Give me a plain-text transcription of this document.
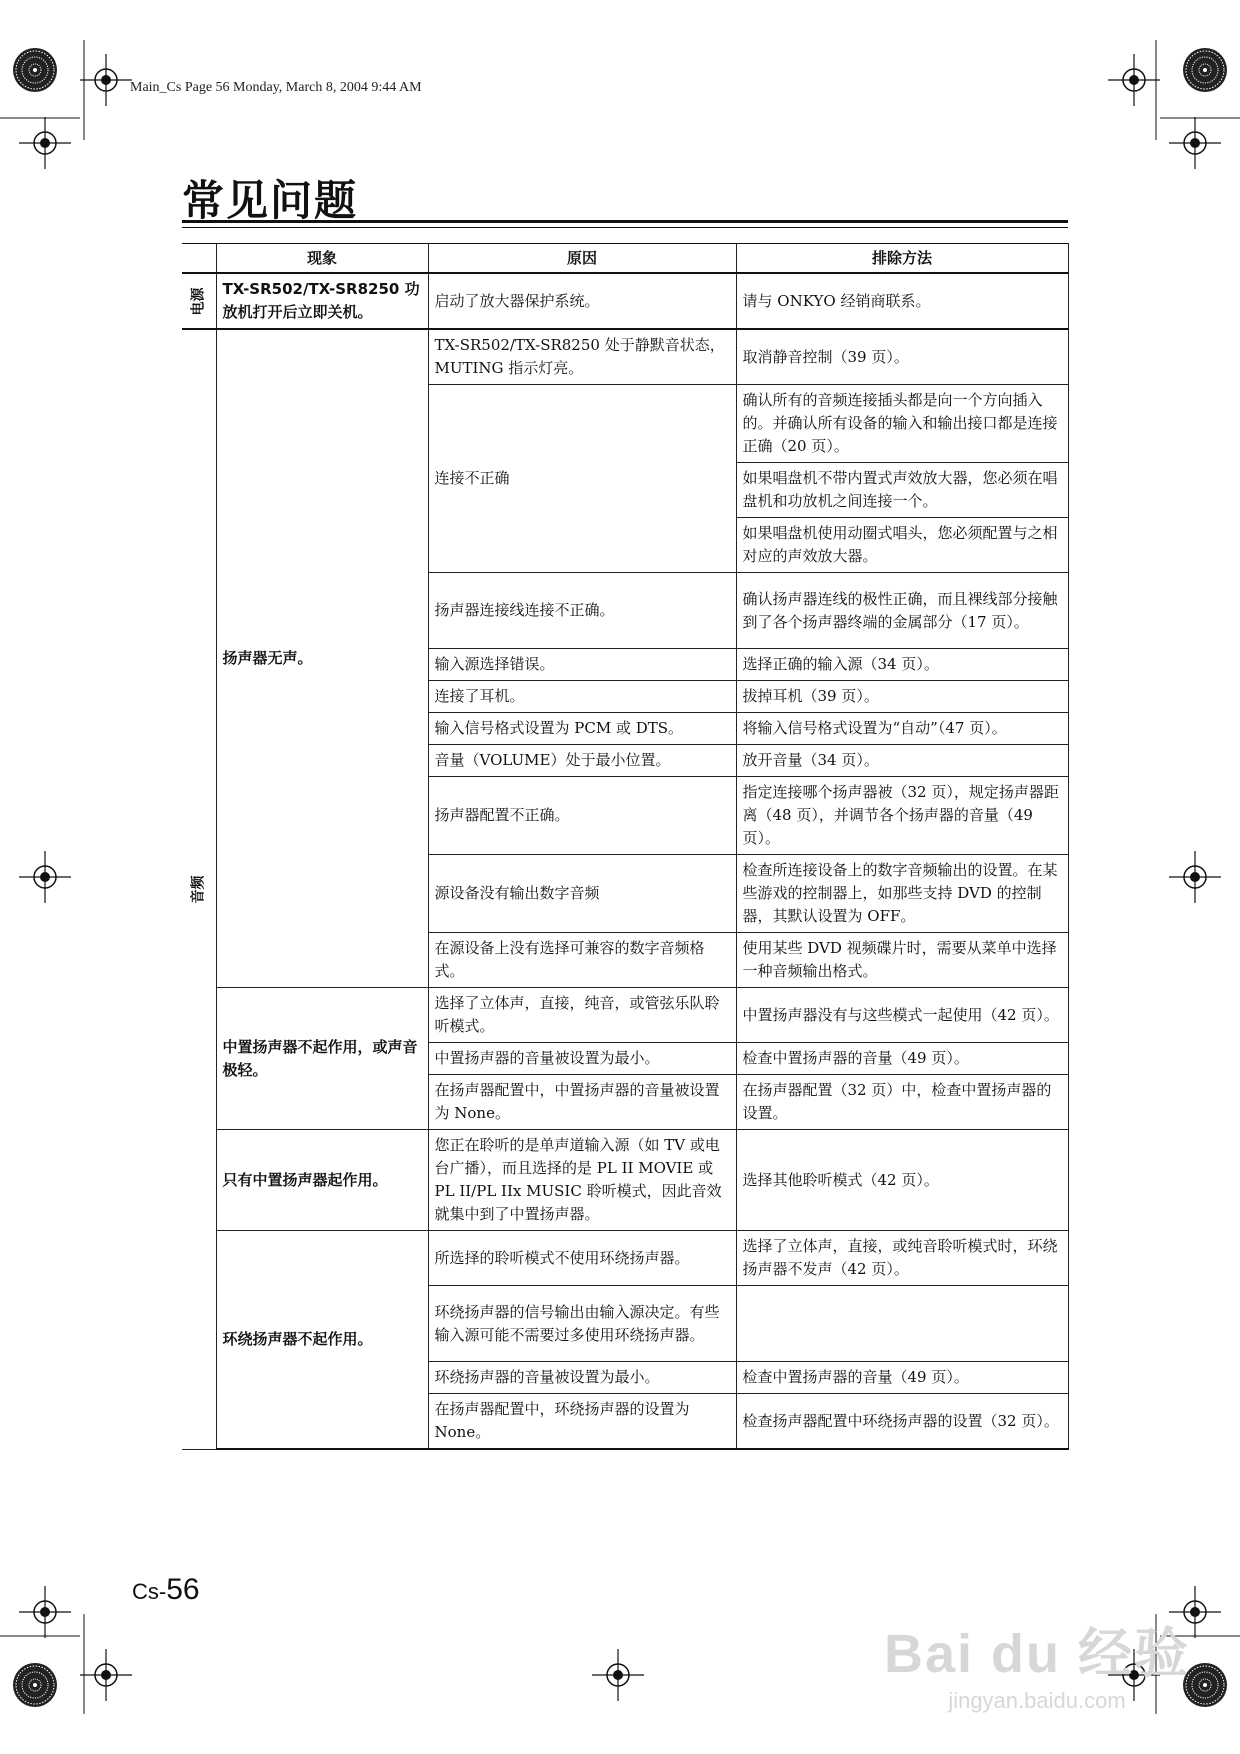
Main_Cs Page 56 Monday, March 8, 2004 9:44 AM
常见问题
	现象	原因	排除方法
电源	TX-SR502/TX-SR8250 功放机打开后立即关机。	启动了放大器保护系统。	请与 ONKYO 经销商联系。
音频	扬声器无声。	TX-SR502/TX-SR8250 处于静默音状态，MUTING 指示灯亮。	取消静音控制（39 页）。
		连接不正确	确认所有的音频连接插头都是向一个方向插入的。并确认所有设备的输入和输出接口都是连接正确（20 页）。
			如果唱盘机不带内置式声效放大器，您必须在唱盘机和功放机之间连接一个。
			如果唱盘机使用动圈式唱头，您必须配置与之相对应的声效放大器。
		扬声器连接线连接不正确。	确认扬声器连线的极性正确，而且裸线部分接触到了各个扬声器终端的金属部分（17 页）。
		输入源选择错误。	选择正确的输入源（34 页）。
		连接了耳机。	拔掉耳机（39 页）。
		输入信号格式设置为 PCM 或 DTS。	将输入信号格式设置为“自动”（47 页）。
		音量（VOLUME）处于最小位置。	放开音量（34 页）。
		扬声器配置不正确。	指定连接哪个扬声器被（32 页），规定扬声器距离（48 页），并调节各个扬声器的音量（49 页）。
		源设备没有输出数字音频	检查所连接设备上的数字音频输出的设置。在某些游戏的控制器上，如那些支持 DVD 的控制器，其默认设置为 OFF。
		在源设备上没有选择可兼容的数字音频格式。	使用某些 DVD 视频碟片时，需要从菜单中选择一种音频输出格式。
	中置扬声器不起作用，或声音极轻。	选择了立体声，直接，纯音，或管弦乐队聆听模式。	中置扬声器没有与这些模式一起使用（42 页）。
		中置扬声器的音量被设置为最小。	检查中置扬声器的音量（49 页）。
		在扬声器配置中，中置扬声器的音量被设置为 None。	在扬声器配置（32 页）中，检查中置扬声器的设置。
	只有中置扬声器起作用。	您正在聆听的是单声道输入源（如 TV 或电台广播），而且选择的是 PL II MOVIE 或 PL II/PL IIx MUSIC 聆听模式，因此音效就集中到了中置扬声器。	选择其他聆听模式（42 页）。
	环绕扬声器不起作用。	所选择的聆听模式不使用环绕扬声器。	选择了立体声，直接，或纯音聆听模式时，环绕扬声器不发声（42 页）。
		环绕扬声器的信号输出由输入源决定。有些输入源可能不需要过多使用环绕扬声器。	
		环绕扬声器的音量被设置为最小。	检查中置扬声器的音量（49 页）。
		在扬声器配置中，环绕扬声器的设置为 None。	检查扬声器配置中环绕扬声器的设置（32 页）。
Cs-56
Bai du 经验
jingyan.baidu.com
